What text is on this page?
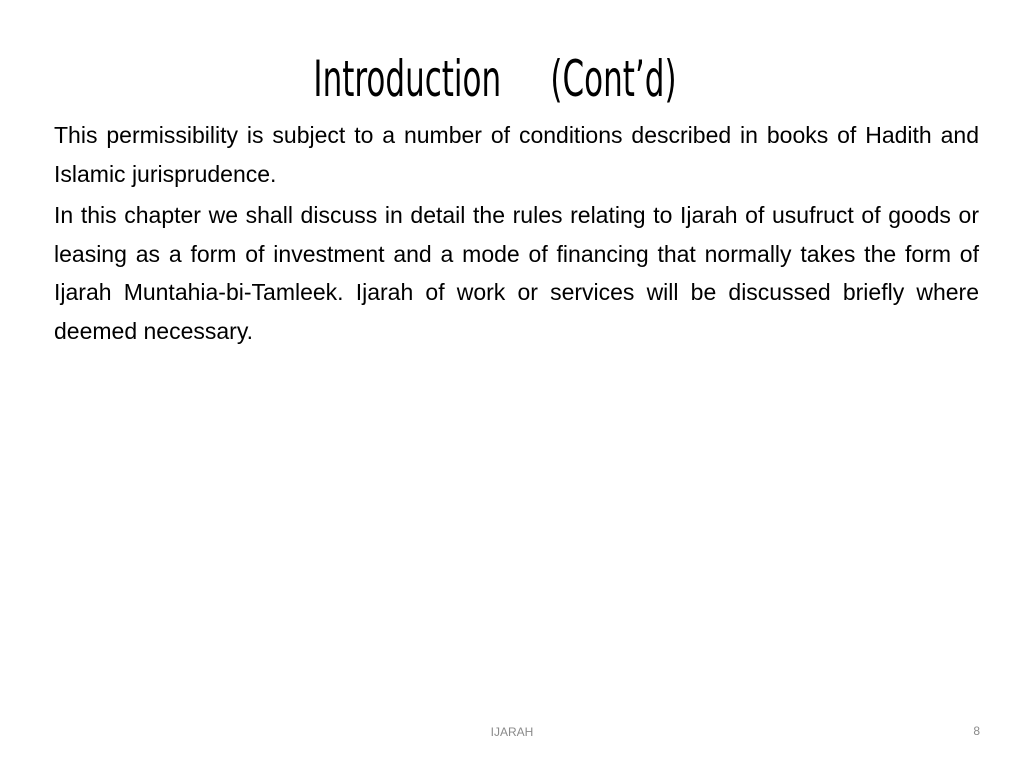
Introduction     (Cont’d)

This permissibility is subject to a number of conditions described in books of Hadith and Islamic jurisprudence.

In this chapter we shall discuss in detail the rules relating to Ijarah of usufruct of goods or leasing as a form of investment and a mode of financing that normally takes the form of Ijarah Muntahia-bi-Tamleek. Ijarah of work or services will be discussed briefly where deemed necessary.

IJARAH	8
